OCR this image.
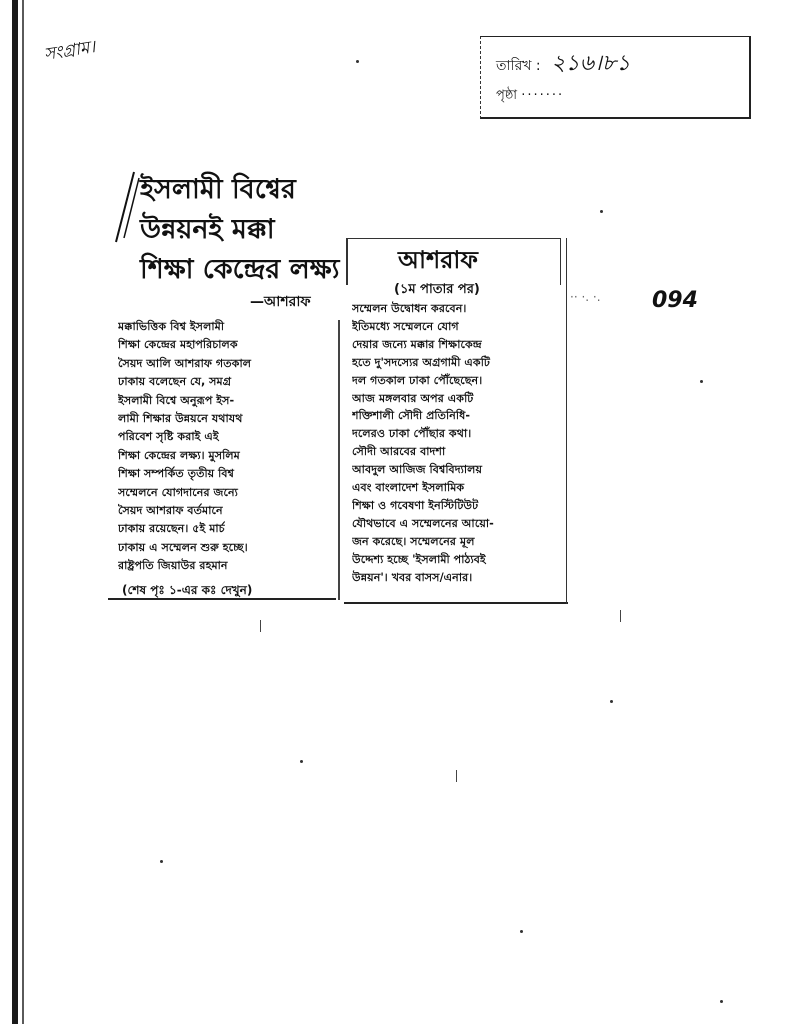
সংগ্রাম।
তারিখ : ২১৬।৮১
পৃষ্ঠা ·······
·· ·. ·. 094
ইসলামী বিশ্বের
উন্নয়নই মক্কা
শিক্ষা কেন্দ্রের লক্ষ্য
—আশরাফ
মক্কাভিত্তিক বিশ্ব ইসলামী
শিক্ষা কেন্দ্রের মহাপরিচালক
সৈয়দ আলি আশরাফ গতকাল
ঢাকায় বলেছেন যে, সমগ্র
ইসলামী বিশ্বে অনুরূপ ইস-
লামী শিক্ষার উন্নয়নে যথাযথ
পরিবেশ সৃষ্টি করাই এই
শিক্ষা কেন্দ্রের লক্ষ্য। মুসলিম
শিক্ষা সম্পর্কিত তৃতীয় বিশ্ব
সম্মেলনে যোগদানের জন্যে
সৈয়দ আশরাফ বর্তমানে
ঢাকায় রয়েছেন। ৫ই মার্চ
ঢাকায় এ সম্মেলন শুরু হচ্ছে।
রাষ্ট্রপতি জিয়াউর রহমান
(শেষ পৃঃ ১-এর কঃ দেখুন)
আশরাফ
(১ম পাতার পর)
সম্মেলন উদ্বোধন করবেন।
ইতিমধ্যে সম্মেলনে যোগ
দেয়ার জন্যে মক্কার শিক্ষাকেন্দ্র
হতে দু'সদস্যের অগ্রগামী একটি
দল গতকাল ঢাকা পৌঁছেছেন।
আজ মঙ্গলবার অপর একটি
শক্তিশালী সৌদী প্রতিনিধি-
দলেরও ঢাকা পৌঁছার কথা।
সৌদী আরবের বাদশা
আবদুল আজিজ বিশ্ববিদ্যালয়
এবং বাংলাদেশ ইসলামিক
শিক্ষা ও গবেষণা ইনস্টিটিউট
যৌথভাবে এ সম্মেলনের আয়ো-
জন করেছে। সম্মেলনের মূল
উদ্দেশ্য হচ্ছে 'ইসলামী পাঠ্যবই
উন্নয়ন'। খবর বাসস/এনার।
